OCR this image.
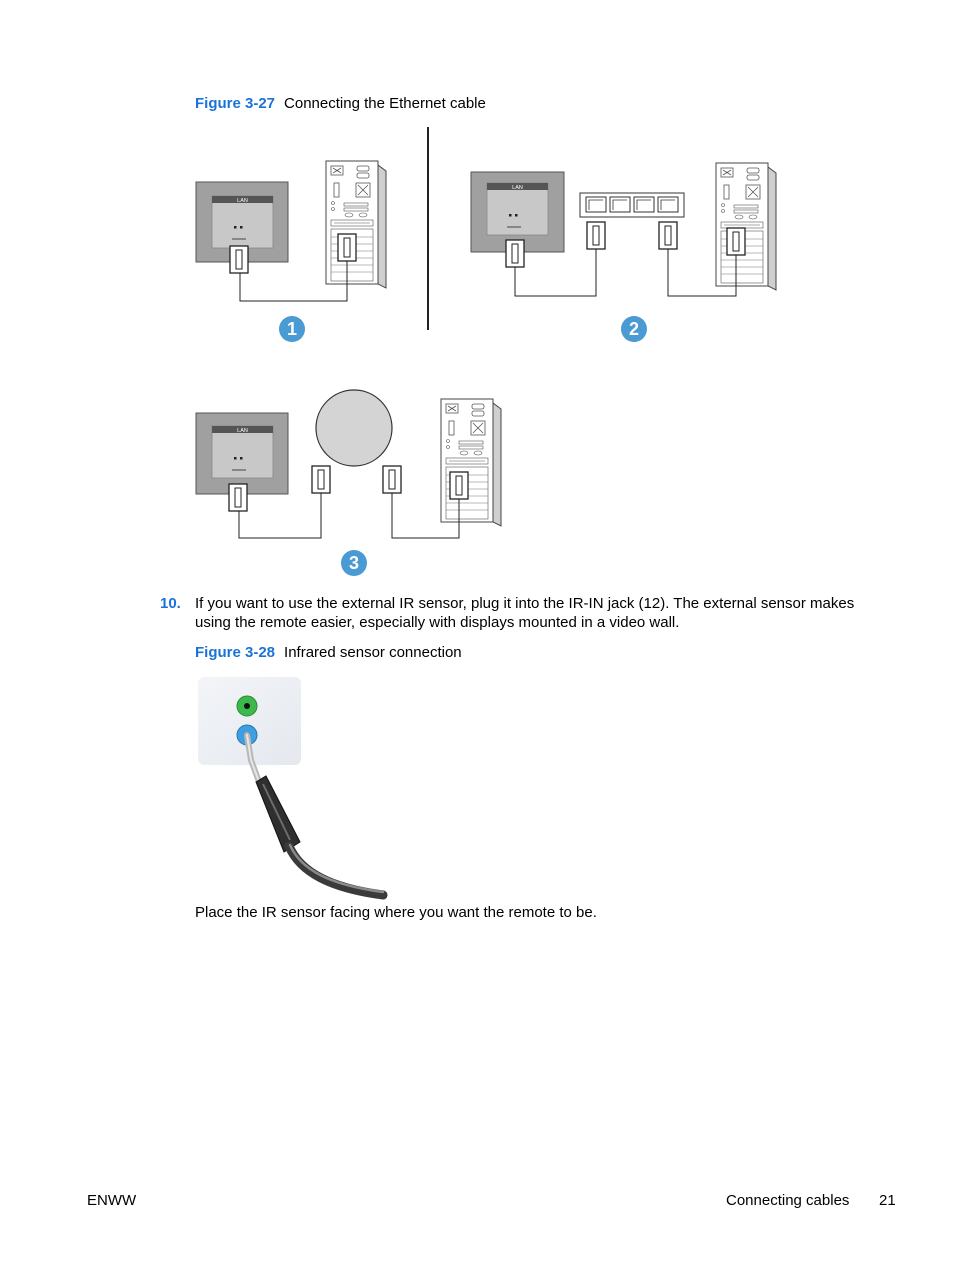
Figure 3-27 Connecting the Ethernet cable
LAN
1
LAN
2
LAN
3
10. If you want to use the external IR sensor, plug it into the IR-IN jack (12). The external sensor makes using the remote easier, especially with displays mounted in a video wall.
Figure 3-28 Infrared sensor connection
Place the IR sensor facing where you want the remote to be.
ENWW	Connecting cables 21
